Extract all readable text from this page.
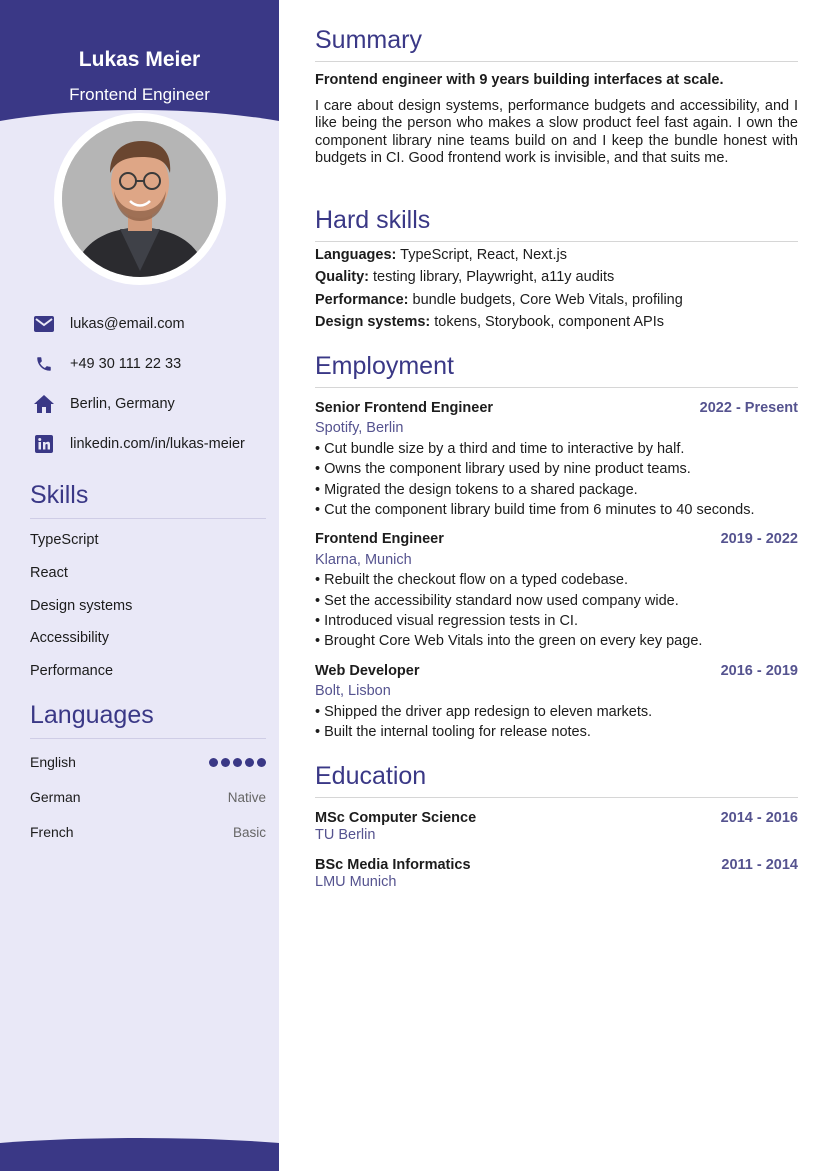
Lukas Meier
Frontend Engineer
lukas@email.com
+49 30 111 22 33
Berlin, Germany
linkedin.com/in/lukas-meier
Skills
TypeScript
React
Design systems
Accessibility
Performance
Languages
English
German	Native
French	Basic
Summary
Frontend engineer with 9 years building interfaces at scale.
I care about design systems, performance budgets and accessibility, and I like being the person who makes a slow product feel fast again. I own the component library nine teams build on and I keep the bundle honest with budgets in CI. Good frontend work is invisible, and that suits me.
Hard skills
Languages: TypeScript, React, Next.js
Quality: testing library, Playwright, a11y audits
Performance: bundle budgets, Core Web Vitals, profiling
Design systems: tokens, Storybook, component APIs
Employment
Senior Frontend Engineer	2022 - Present
Spotify, Berlin
• Cut bundle size by a third and time to interactive by half.
• Owns the component library used by nine product teams.
• Migrated the design tokens to a shared package.
• Cut the component library build time from 6 minutes to 40 seconds.
Frontend Engineer	2019 - 2022
Klarna, Munich
• Rebuilt the checkout flow on a typed codebase.
• Set the accessibility standard now used company wide.
• Introduced visual regression tests in CI.
• Brought Core Web Vitals into the green on every key page.
Web Developer	2016 - 2019
Bolt, Lisbon
• Shipped the driver app redesign to eleven markets.
• Built the internal tooling for release notes.
Education
MSc Computer Science	2014 - 2016
TU Berlin
BSc Media Informatics	2011 - 2014
LMU Munich
